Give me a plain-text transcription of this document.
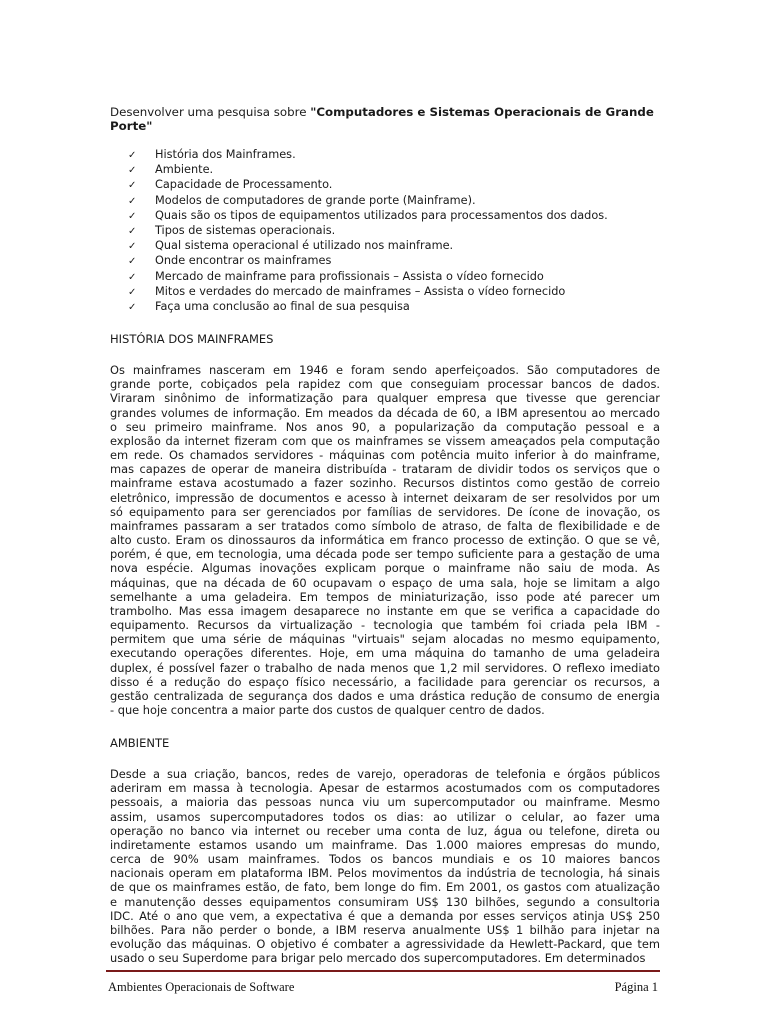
Desenvolver uma pesquisa sobre "Computadores e Sistemas Operacionais de Grande
Porte"
✓	História dos Mainframes.
✓	Ambiente.
✓	Capacidade de Processamento.
✓	Modelos de computadores de grande porte (Mainframe).
✓	Quais são os tipos de equipamentos utilizados para processamentos dos dados.
✓	Tipos de sistemas operacionais.
✓	Qual sistema operacional é utilizado nos mainframe.
✓	Onde encontrar os mainframes
✓	Mercado de mainframe para profissionais – Assista o vídeo fornecido
✓	Mitos e verdades do mercado de mainframes – Assista o vídeo fornecido
✓	Faça uma conclusão ao final de sua pesquisa
HISTÓRIA DOS MAINFRAMES
Os mainframes nasceram em 1946 e foram sendo aperfeiçoados. São computadores de
grande porte, cobiçados pela rapidez com que conseguiam processar bancos de dados.
Viraram sinônimo de informatização para qualquer empresa que tivesse que gerenciar
grandes volumes de informação. Em meados da década de 60, a IBM apresentou ao mercado
o seu primeiro mainframe. Nos anos 90, a popularização da computação pessoal e a
explosão da internet fizeram com que os mainframes se vissem ameaçados pela computação
em rede. Os chamados servidores - máquinas com potência muito inferior à do mainframe,
mas capazes de operar de maneira distribuída - trataram de dividir todos os serviços que o
mainframe estava acostumado a fazer sozinho. Recursos distintos como gestão de correio
eletrônico, impressão de documentos e acesso à internet deixaram de ser resolvidos por um
só equipamento para ser gerenciados por famílias de servidores. De ícone de inovação, os
mainframes passaram a ser tratados como símbolo de atraso, de falta de flexibilidade e de
alto custo. Eram os dinossauros da informática em franco processo de extinção. O que se vê,
porém, é que, em tecnologia, uma década pode ser tempo suficiente para a gestação de uma
nova espécie. Algumas inovações explicam porque o mainframe não saiu de moda. As
máquinas, que na década de 60 ocupavam o espaço de uma sala, hoje se limitam a algo
semelhante a uma geladeira. Em tempos de miniaturização, isso pode até parecer um
trambolho. Mas essa imagem desaparece no instante em que se verifica a capacidade do
equipamento. Recursos da virtualização - tecnologia que também foi criada pela IBM -
permitem que uma série de máquinas "virtuais" sejam alocadas no mesmo equipamento,
executando operações diferentes. Hoje, em uma máquina do tamanho de uma geladeira
duplex, é possível fazer o trabalho de nada menos que 1,2 mil servidores. O reflexo imediato
disso é a redução do espaço físico necessário, a facilidade para gerenciar os recursos, a
gestão centralizada de segurança dos dados e uma drástica redução de consumo de energia
- que hoje concentra a maior parte dos custos de qualquer centro de dados.
AMBIENTE
Desde a sua criação, bancos, redes de varejo, operadoras de telefonia e órgãos públicos
aderiram em massa à tecnologia. Apesar de estarmos acostumados com os computadores
pessoais, a maioria das pessoas nunca viu um supercomputador ou mainframe. Mesmo
assim, usamos supercomputadores todos os dias: ao utilizar o celular, ao fazer uma
operação no banco via internet ou receber uma conta de luz, água ou telefone, direta ou
indiretamente estamos usando um mainframe. Das 1.000 maiores empresas do mundo,
cerca de 90% usam mainframes. Todos os bancos mundiais e os 10 maiores bancos
nacionais operam em plataforma IBM. Pelos movimentos da indústria de tecnologia, há sinais
de que os mainframes estão, de fato, bem longe do fim. Em 2001, os gastos com atualização
e manutenção desses equipamentos consumiram US$ 130 bilhões, segundo a consultoria
IDC. Até o ano que vem, a expectativa é que a demanda por esses serviços atinja US$ 250
bilhões. Para não perder o bonde, a IBM reserva anualmente US$ 1 bilhão para injetar na
evolução das máquinas. O objetivo é combater a agressividade da Hewlett-Packard, que tem
usado o seu Superdome para brigar pelo mercado dos supercomputadores. Em determinados
Ambientes Operacionais de Software	Página 1
